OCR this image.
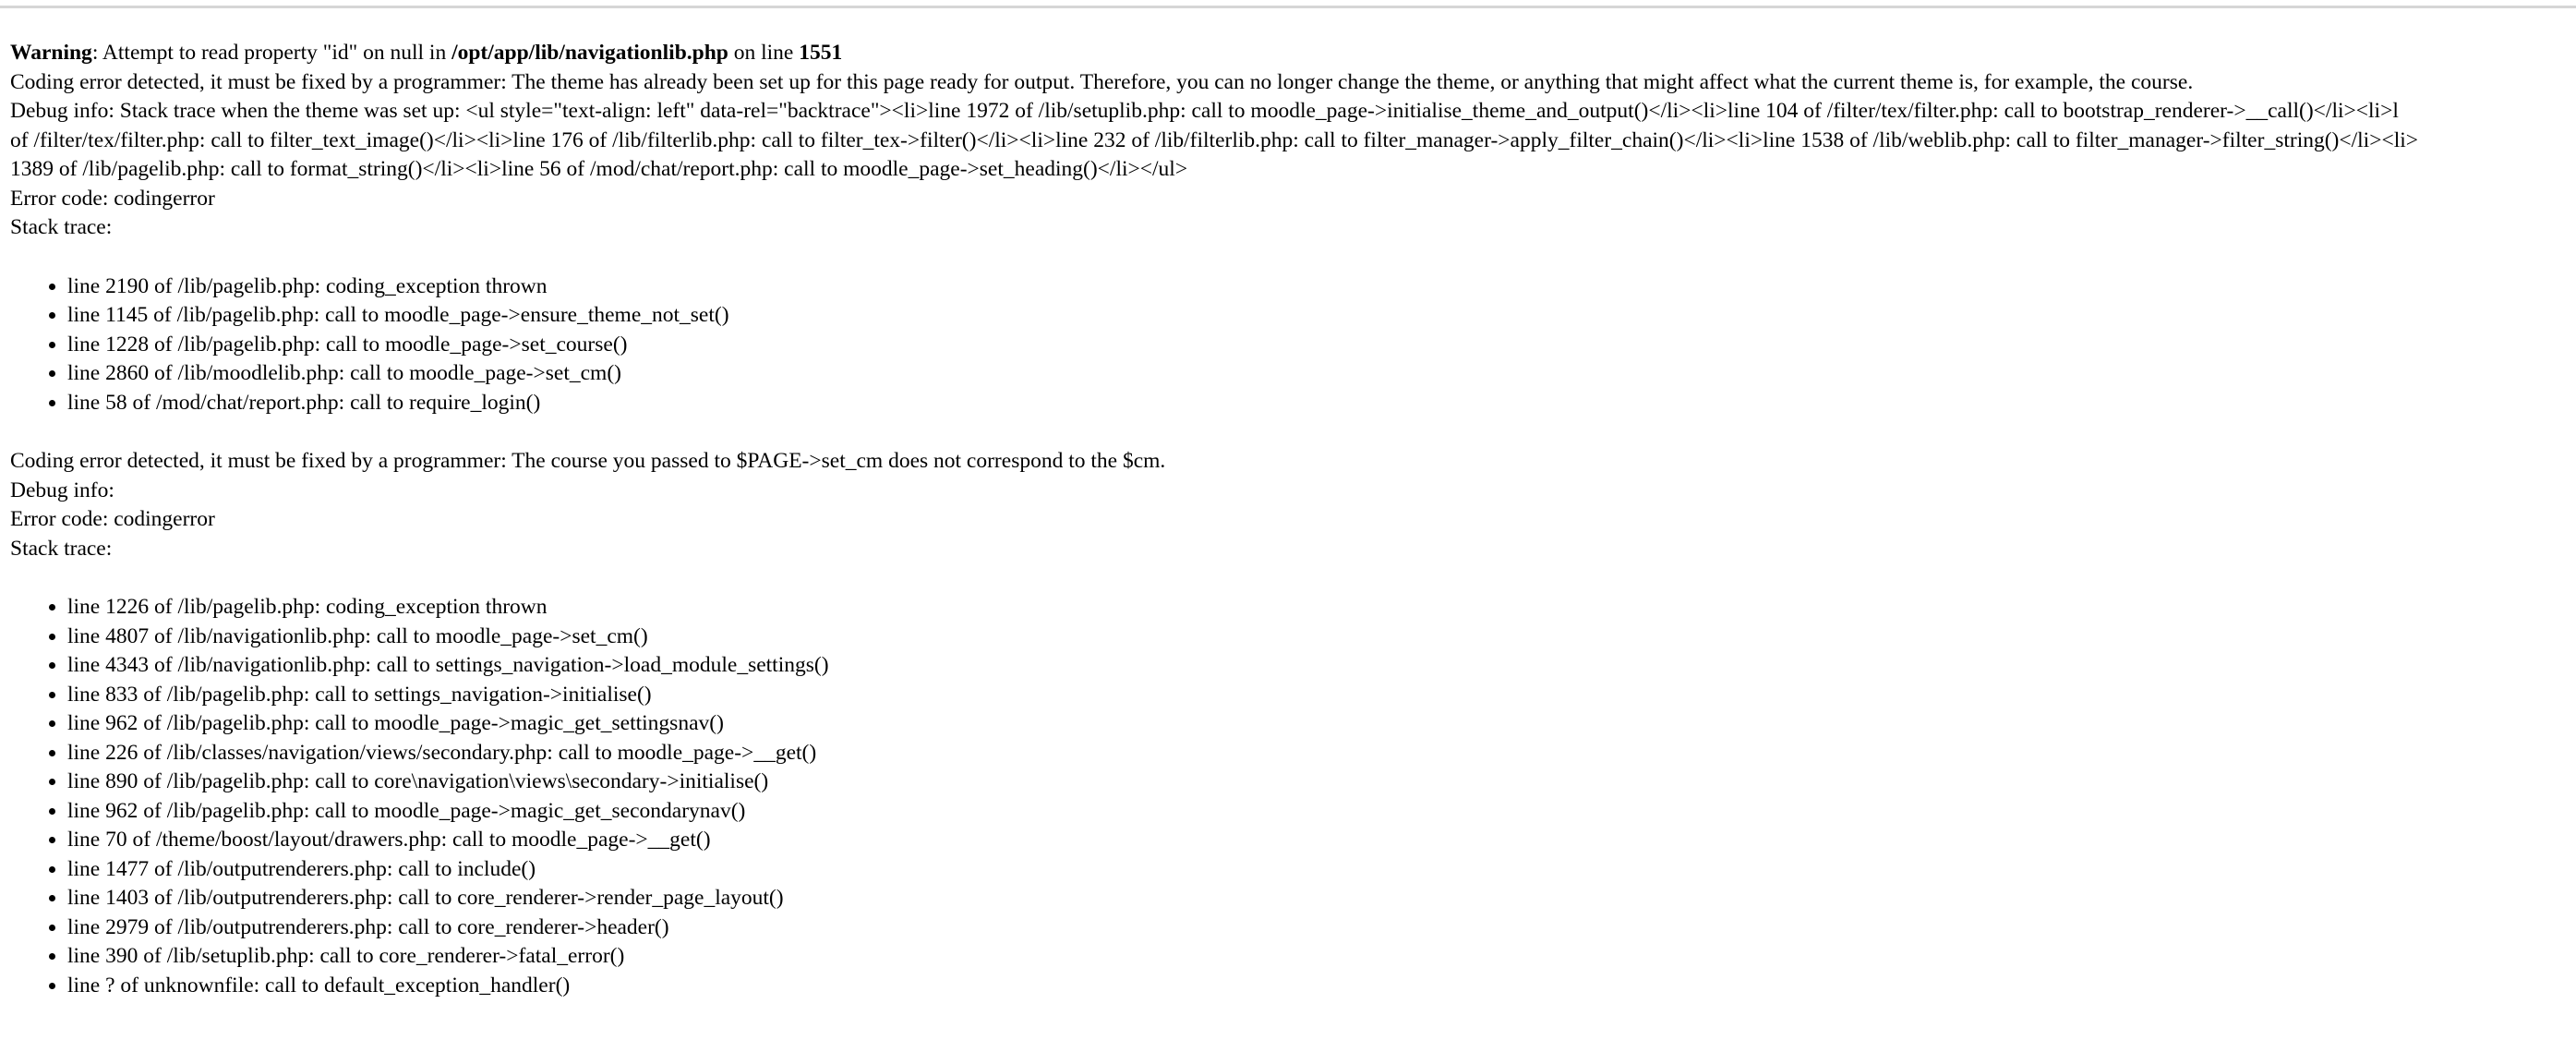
Warning: Attempt to read property "id" on null in /opt/app/lib/navigationlib.php on line 1551
Coding error detected, it must be fixed by a programmer: The theme has already been set up for this page ready for output. Therefore, you can no longer change the theme, or anything that might affect what the current theme is, for example, the course.
Debug info: Stack trace when the theme was set up: <ul style="text-align: left" data-rel="backtrace"><li>line 1972 of /lib/setuplib.php: call to moodle_page->initialise_theme_and_output()</li><li>line 104 of /filter/tex/filter.php: call to bootstrap_renderer->__call()</li><li>l
of /filter/tex/filter.php: call to filter_text_image()</li><li>line 176 of /lib/filterlib.php: call to filter_tex->filter()</li><li>line 232 of /lib/filterlib.php: call to filter_manager->apply_filter_chain()</li><li>line 1538 of /lib/weblib.php: call to filter_manager->filter_string()</li><li>
1389 of /lib/pagelib.php: call to format_string()</li><li>line 56 of /mod/chat/report.php: call to moodle_page->set_heading()</li></ul>
Error code: codingerror
Stack trace:
• line 2190 of /lib/pagelib.php: coding_exception thrown
• line 1145 of /lib/pagelib.php: call to moodle_page->ensure_theme_not_set()
• line 1228 of /lib/pagelib.php: call to moodle_page->set_course()
• line 2860 of /lib/moodlelib.php: call to moodle_page->set_cm()
• line 58 of /mod/chat/report.php: call to require_login()
Coding error detected, it must be fixed by a programmer: The course you passed to $PAGE->set_cm does not correspond to the $cm.
Debug info:
Error code: codingerror
Stack trace:
• line 1226 of /lib/pagelib.php: coding_exception thrown
• line 4807 of /lib/navigationlib.php: call to moodle_page->set_cm()
• line 4343 of /lib/navigationlib.php: call to settings_navigation->load_module_settings()
• line 833 of /lib/pagelib.php: call to settings_navigation->initialise()
• line 962 of /lib/pagelib.php: call to moodle_page->magic_get_settingsnav()
• line 226 of /lib/classes/navigation/views/secondary.php: call to moodle_page->__get()
• line 890 of /lib/pagelib.php: call to core\navigation\views\secondary->initialise()
• line 962 of /lib/pagelib.php: call to moodle_page->magic_get_secondarynav()
• line 70 of /theme/boost/layout/drawers.php: call to moodle_page->__get()
• line 1477 of /lib/outputrenderers.php: call to include()
• line 1403 of /lib/outputrenderers.php: call to core_renderer->render_page_layout()
• line 2979 of /lib/outputrenderers.php: call to core_renderer->header()
• line 390 of /lib/setuplib.php: call to core_renderer->fatal_error()
• line ? of unknownfile: call to default_exception_handler()
